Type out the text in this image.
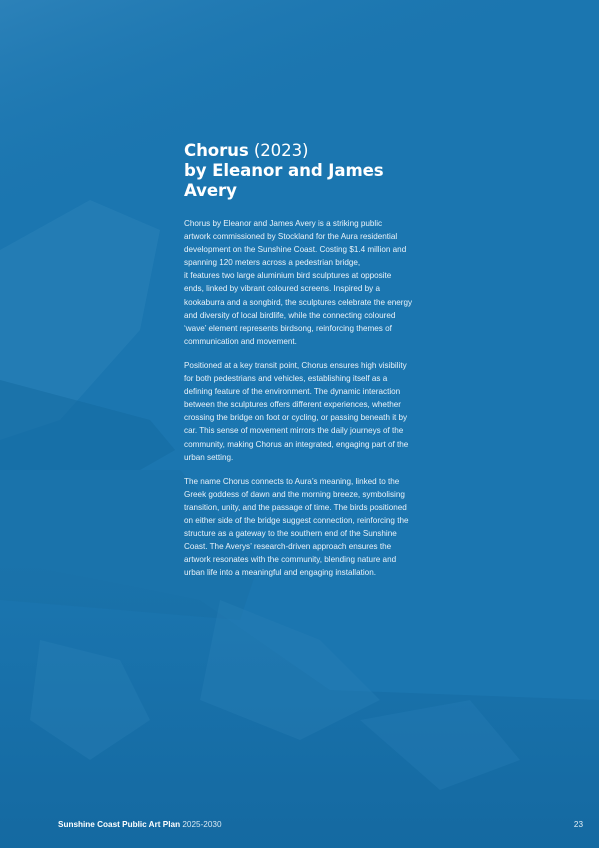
Chorus (2023)
by Eleanor and James Avery

Chorus by Eleanor and James Avery is a striking public
artwork commissioned by Stockland for the Aura residential
development on the Sunshine Coast. Costing $1.4 million and
spanning 120 meters across a pedestrian bridge,
it features two large aluminium bird sculptures at opposite
ends, linked by vibrant coloured screens. Inspired by a
kookaburra and a songbird, the sculptures celebrate the energy
and diversity of local birdlife, while the connecting coloured
‘wave’ element represents birdsong, reinforcing themes of
communication and movement.

Positioned at a key transit point, Chorus ensures high visibility
for both pedestrians and vehicles, establishing itself as a
defining feature of the environment. The dynamic interaction
between the sculptures offers different experiences, whether
crossing the bridge on foot or cycling, or passing beneath it by
car. This sense of movement mirrors the daily journeys of the
community, making Chorus an integrated, engaging part of the
urban setting.

The name Chorus connects to Aura’s meaning, linked to the
Greek goddess of dawn and the morning breeze, symbolising
transition, unity, and the passage of time. The birds positioned
on either side of the bridge suggest connection, reinforcing the
structure as a gateway to the southern end of the Sunshine
Coast. The Averys’ research-driven approach ensures the
artwork resonates with the community, blending nature and
urban life into a meaningful and engaging installation.

Sunshine Coast Public Art Plan 2025-2030	23
